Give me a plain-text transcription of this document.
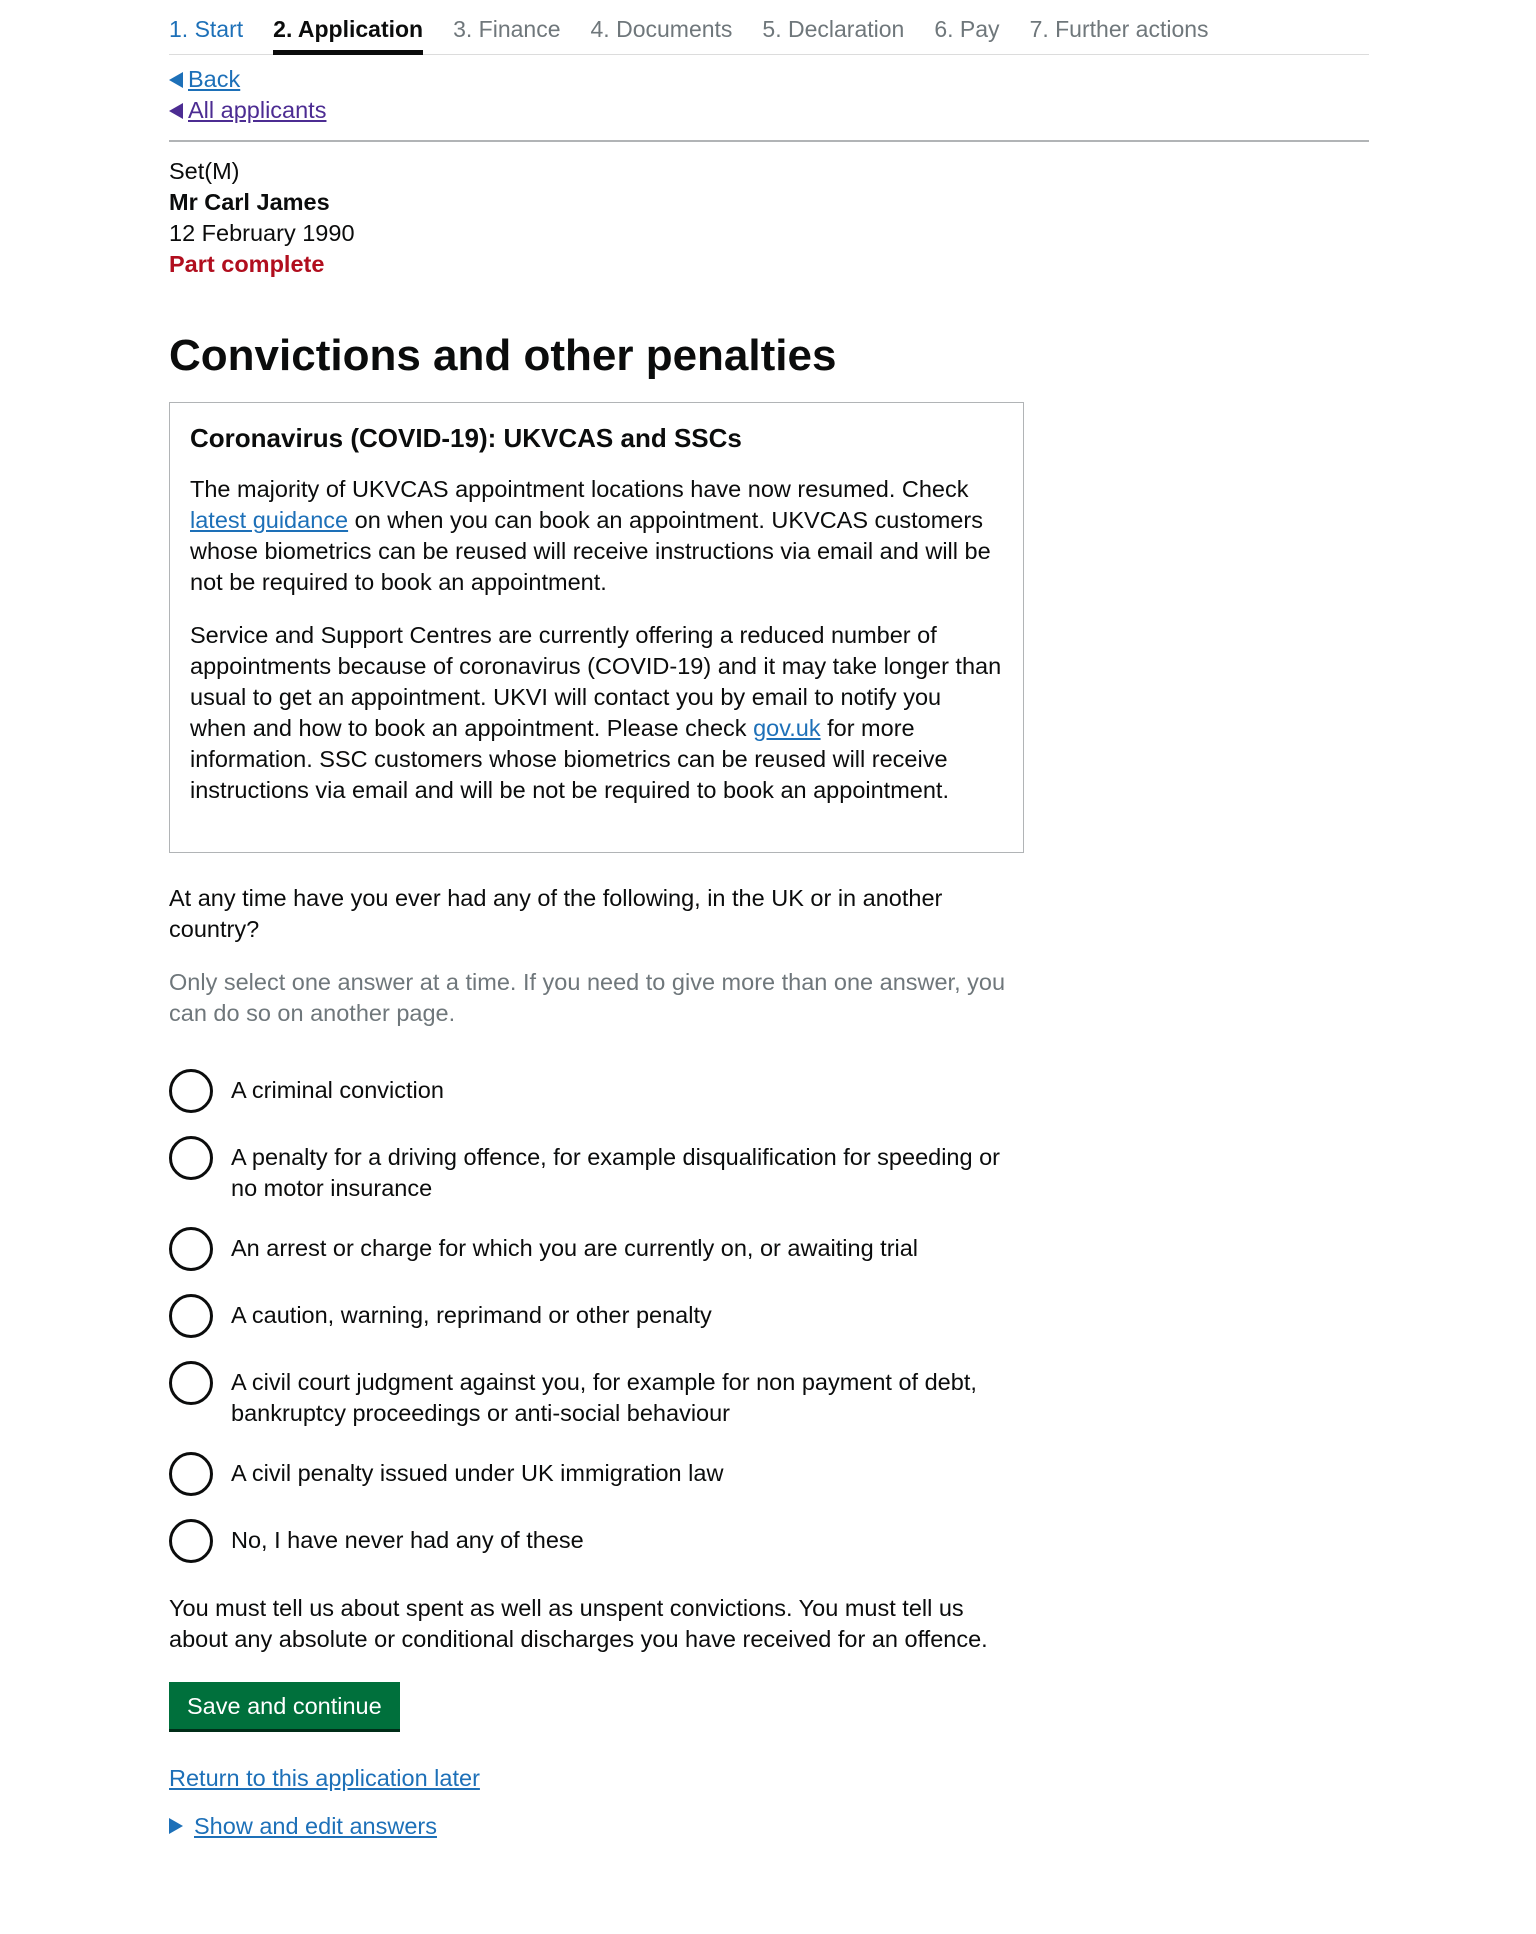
1. Start 2. Application 3. Finance 4. Documents 5. Declaration 6. Pay 7. Further actions
Back
All applicants
Set(M)
Mr Carl James
12 February 1990
Part complete
Convictions and other penalties
Coronavirus (COVID-19): UKVCAS and SSCs

The majority of UKVCAS appointment locations have now resumed. Check latest guidance on when you can book an appointment. UKVCAS customers whose biometrics can be reused will receive instructions via email and will be not be required to book an appointment.

Service and Support Centres are currently offering a reduced number of appointments because of coronavirus (COVID-19) and it may take longer than usual to get an appointment. UKVI will contact you by email to notify you when and how to book an appointment. Please check gov.uk for more information. SSC customers whose biometrics can be reused will receive instructions via email and will be not be required to book an appointment.

At any time have you ever had any of the following, in the UK or in another country?
Only select one answer at a time. If you need to give more than one answer, you can do so on another page.
A criminal conviction
A penalty for a driving offence, for example disqualification for speeding or no motor insurance
An arrest or charge for which you are currently on, or awaiting trial
A caution, warning, reprimand or other penalty
A civil court judgment against you, for example for non payment of debt, bankruptcy proceedings or anti-social behaviour
A civil penalty issued under UK immigration law
No, I have never had any of these
You must tell us about spent as well as unspent convictions. You must tell us about any absolute or conditional discharges you have received for an offence.
Save and continue
Return to this application later
Show and edit answers
